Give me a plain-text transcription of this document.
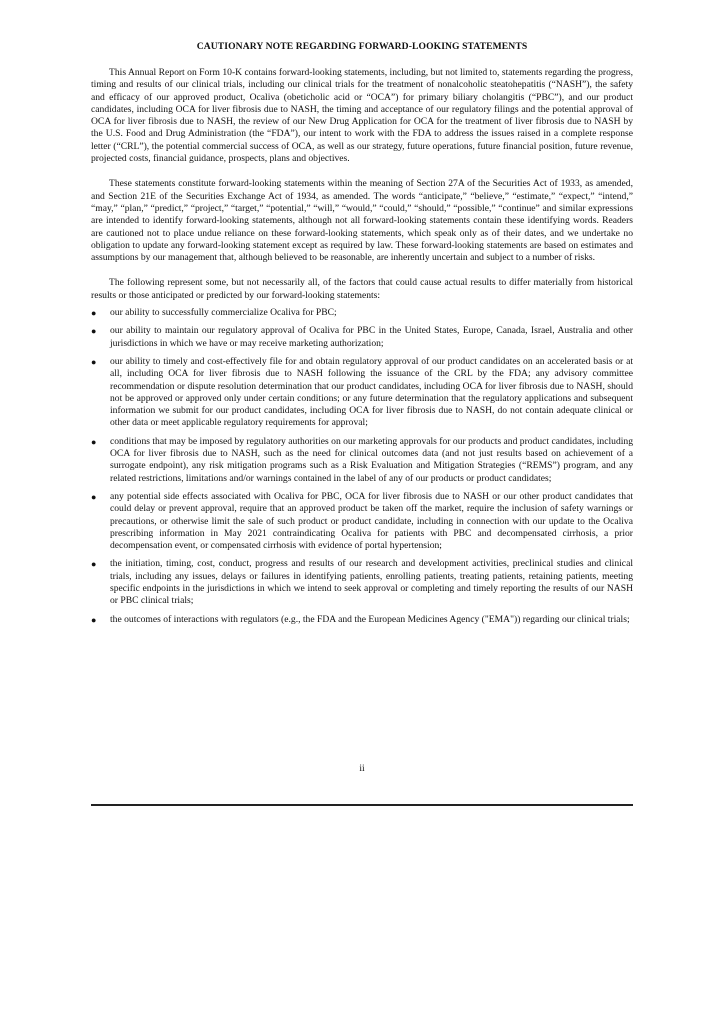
CAUTIONARY NOTE REGARDING FORWARD-LOOKING STATEMENTS

This Annual Report on Form 10-K contains forward-looking statements, including, but not limited to, statements regarding the progress, timing and results of our clinical trials, including our clinical trials for the treatment of nonalcoholic steatohepatitis (“NASH”), the safety and efficacy of our approved product, Ocaliva (obeticholic acid or “OCA”) for primary biliary cholangitis (“PBC”), and our product candidates, including OCA for liver fibrosis due to NASH, the timing and acceptance of our regulatory filings and the potential approval of OCA for liver fibrosis due to NASH, the review of our New Drug Application for OCA for the treatment of liver fibrosis due to NASH by the U.S. Food and Drug Administration (the “FDA”), our intent to work with the FDA to address the issues raised in a complete response letter (“CRL”), the potential commercial success of OCA, as well as our strategy, future operations, future financial position, future revenue, projected costs, financial guidance, prospects, plans and objectives.

These statements constitute forward-looking statements within the meaning of Section 27A of the Securities Act of 1933, as amended, and Section 21E of the Securities Exchange Act of 1934, as amended. The words “anticipate,” “believe,” “estimate,” “expect,” “intend,” “may,” “plan,” “predict,” “project,” “target,” “potential,” “will,” “would,” “could,” “should,” “possible,” “continue” and similar expressions are intended to identify forward-looking statements, although not all forward-looking statements contain these identifying words. Readers are cautioned not to place undue reliance on these forward-looking statements, which speak only as of their dates, and we undertake no obligation to update any forward-looking statement except as required by law. These forward-looking statements are based on estimates and assumptions by our management that, although believed to be reasonable, are inherently uncertain and subject to a number of risks.

The following represent some, but not necessarily all, of the factors that could cause actual results to differ materially from historical results or those anticipated or predicted by our forward-looking statements:

● our ability to successfully commercialize Ocaliva for PBC;
● our ability to maintain our regulatory approval of Ocaliva for PBC in the United States, Europe, Canada, Israel, Australia and other jurisdictions in which we have or may receive marketing authorization;
● our ability to timely and cost-effectively file for and obtain regulatory approval of our product candidates on an accelerated basis or at all, including OCA for liver fibrosis due to NASH following the issuance of the CRL by the FDA; any advisory committee recommendation or dispute resolution determination that our product candidates, including OCA for liver fibrosis due to NASH, should not be approved or approved only under certain conditions; or any future determination that the regulatory applications and subsequent information we submit for our product candidates, including OCA for liver fibrosis due to NASH, do not contain adequate clinical or other data or meet applicable regulatory requirements for approval;
● conditions that may be imposed by regulatory authorities on our marketing approvals for our products and product candidates, including OCA for liver fibrosis due to NASH, such as the need for clinical outcomes data (and not just results based on achievement of a surrogate endpoint), any risk mitigation programs such as a Risk Evaluation and Mitigation Strategies (“REMS”) program, and any related restrictions, limitations and/or warnings contained in the label of any of our products or product candidates;
● any potential side effects associated with Ocaliva for PBC, OCA for liver fibrosis due to NASH or our other product candidates that could delay or prevent approval, require that an approved product be taken off the market, require the inclusion of safety warnings or precautions, or otherwise limit the sale of such product or product candidate, including in connection with our update to the Ocaliva prescribing information in May 2021 contraindicating Ocaliva for patients with PBC and decompensated cirrhosis, a prior decompensation event, or compensated cirrhosis with evidence of portal hypertension;
● the initiation, timing, cost, conduct, progress and results of our research and development activities, preclinical studies and clinical trials, including any issues, delays or failures in identifying patients, enrolling patients, treating patients, retaining patients, meeting specific endpoints in the jurisdictions in which we intend to seek approval or completing and timely reporting the results of our NASH or PBC clinical trials;
● the outcomes of interactions with regulators (e.g., the FDA and the European Medicines Agency ("EMA")) regarding our clinical trials;
ii
